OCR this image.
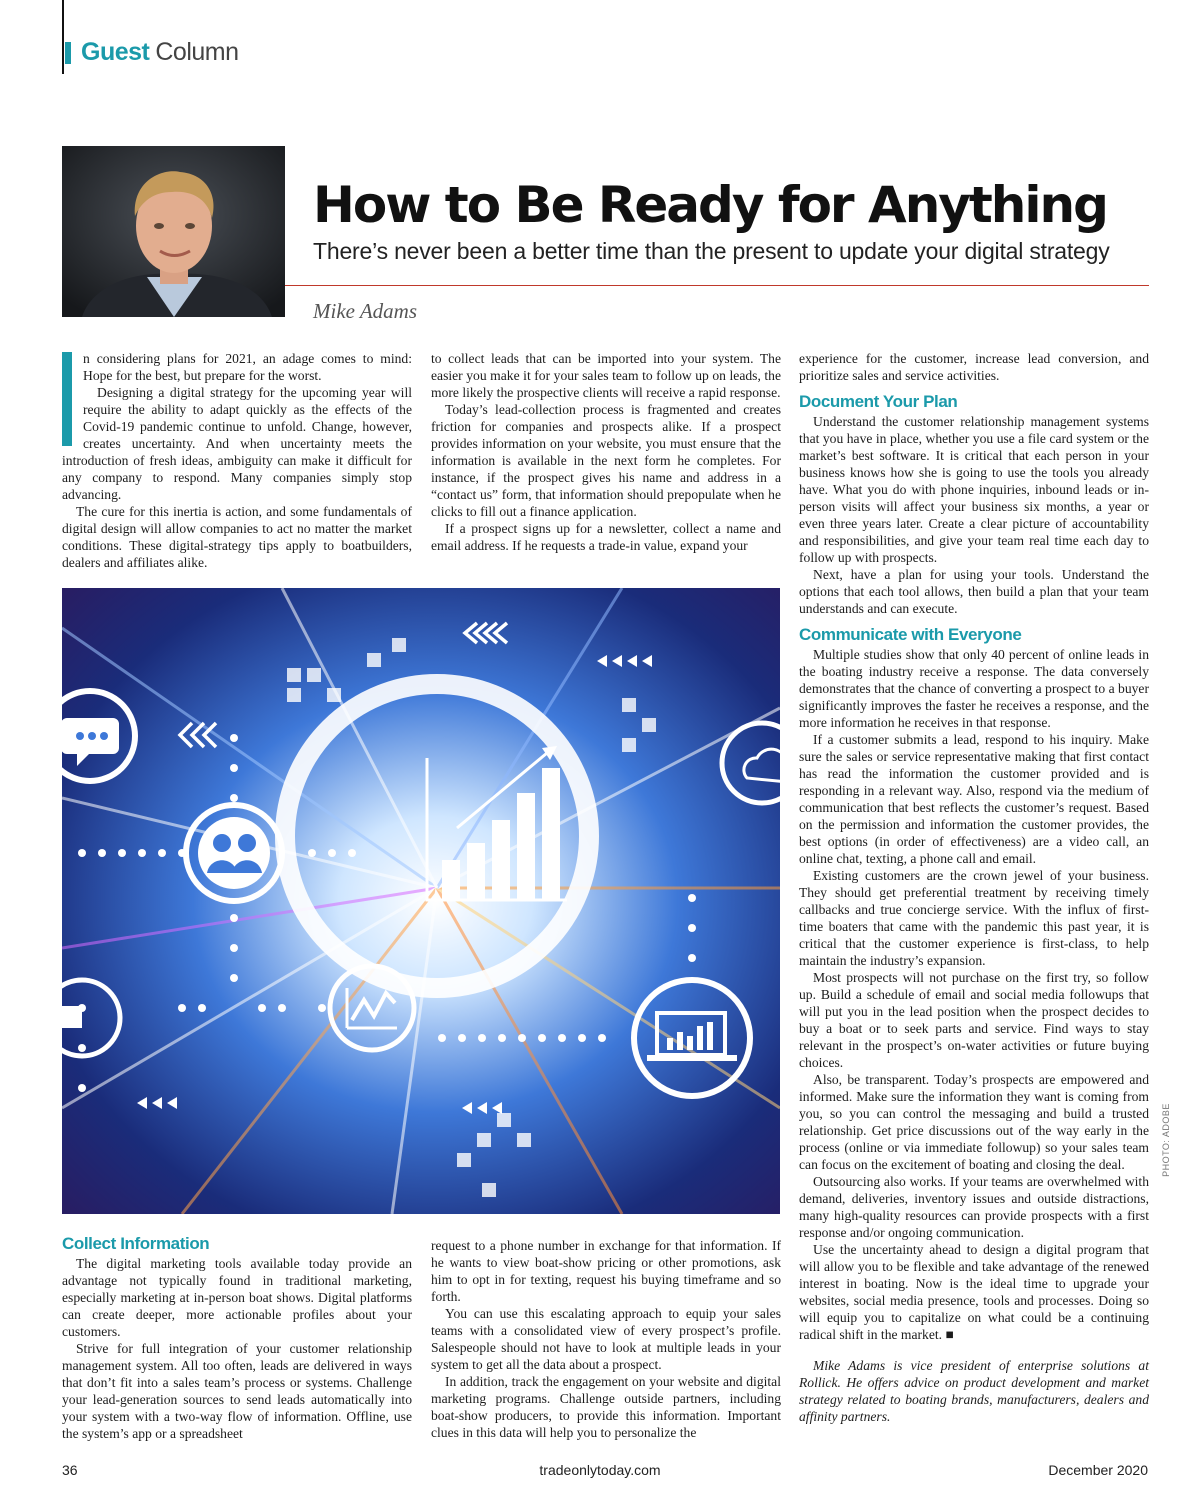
Guest Column
How to Be Ready for Anything
There’s never been a better time than the present to update your digital strategy
Mike Adams

n considering plans for 2021, an adage comes to mind: Hope for the best, but prepare for the worst.

Designing a digital strategy for the upcoming year will require the ability to adapt quickly as the effects of the Covid-19 pandemic continue to unfold. Change, however, creates uncertainty. And when uncertainty meets the introduction of fresh ideas, ambiguity can make it difficult for any company to respond. Many companies simply stop advancing.

The cure for this inertia is action, and some fundamentals of digital design will allow companies to act no matter the market conditions. These digital-strategy tips apply to boatbuilders, dealers and affiliates alike.

to collect leads that can be imported into your system. The easier you make it for your sales team to follow up on leads, the more likely the prospective clients will receive a rapid response.

Today’s lead-collection process is fragmented and creates friction for companies and prospects alike. If a prospect provides information on your website, you must ensure that the information is available in the next form he completes. For instance, if the prospect gives his name and address in a “contact us” form, that information should prepopulate when he clicks to fill out a finance application.

If a prospect signs up for a newsletter, collect a name and email address. If he requests a trade-in value, expand your

experience for the customer, increase lead conversion, and prioritize sales and service activities.

Document Your Plan

Understand the customer relationship management systems that you have in place, whether you use a file card system or the market’s best software. It is critical that each person in your business knows how she is going to use the tools you already have. What you do with phone inquiries, inbound leads or in-person visits will affect your business six months, a year or even three years later. Create a clear picture of accountability and responsibilities, and give your team real time each day to follow up with prospects.

Next, have a plan for using your tools. Understand the options that each tool allows, then build a plan that your team understands and can execute.

Communicate with Everyone

Multiple studies show that only 40 percent of online leads in the boating industry receive a response. The data conversely demonstrates that the chance of converting a prospect to a buyer significantly improves the faster he receives a response, and the more information he receives in that response.

If a customer submits a lead, respond to his inquiry. Make sure the sales or service representative making that first contact has read the information the customer provided and is responding in a relevant way. Also, respond via the medium of communication that best reflects the customer’s request. Based on the permission and information the customer provides, the best options (in order of effectiveness) are a video call, an online chat, texting, a phone call and email.

Existing customers are the crown jewel of your business. They should get preferential treatment by receiving timely callbacks and true concierge service. With the influx of first-time boaters that came with the pandemic this past year, it is critical that the customer experience is first-class, to help maintain the industry’s expansion.

Most prospects will not purchase on the first try, so follow up. Build a schedule of email and social media followups that will put you in the lead position when the prospect decides to buy a boat or to seek parts and service. Find ways to stay relevant in the prospect’s on-water activities or future buying choices.

Also, be transparent. Today’s prospects are empowered and informed. Make sure the information they want is coming from you, so you can control the messaging and build a trusted relationship. Get price discussions out of the way early in the process (online or via immediate followup) so your sales team can focus on the excitement of boating and closing the deal.

Outsourcing also works. If your teams are overwhelmed with demand, deliveries, inventory issues and outside distractions, many high-quality resources can provide prospects with a first response and/or ongoing communication.

Use the uncertainty ahead to design a digital program that will allow you to be flexible and take advantage of the renewed interest in boating. Now is the ideal time to upgrade your websites, social media presence, tools and processes. Doing so will equip you to capitalize on what could be a continuing radical shift in the market. ■

Mike Adams is vice president of enterprise solutions at Rollick. He offers advice on product development and market strategy related to boating brands, manufacturers, dealers and affinity partners.

Collect Information

The digital marketing tools available today provide an advantage not typically found in traditional marketing, especially marketing at in-person boat shows. Digital platforms can create deeper, more actionable profiles about your customers.

Strive for full integration of your customer relationship management system. All too often, leads are delivered in ways that don’t fit into a sales team’s process or systems. Challenge your lead-generation sources to send leads automatically into your system with a two-way flow of information. Offline, use the system’s app or a spreadsheet

request to a phone number in exchange for that information. If he wants to view boat-show pricing or other promotions, ask him to opt in for texting, request his buying timeframe and so forth.

You can use this escalating approach to equip your sales teams with a consolidated view of every prospect’s profile. Salespeople should not have to look at multiple leads in your system to get all the data about a prospect.

In addition, track the engagement on your website and digital marketing programs. Challenge outside partners, including boat-show producers, to provide this information. Important clues in this data will help you to personalize the

PHOTO: ADOBE
36	tradeonlytoday.com	December 2020
